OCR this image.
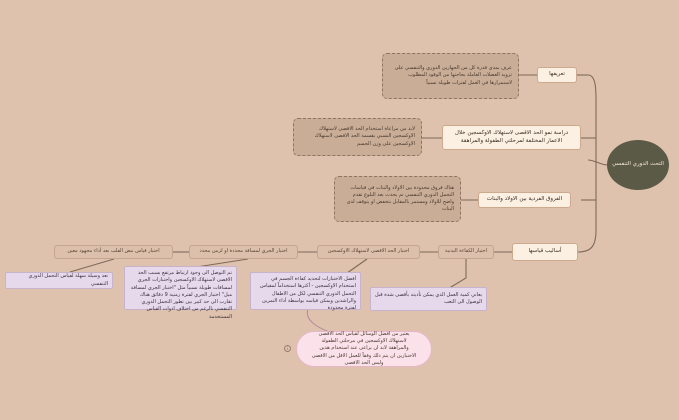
التحث الدوري التنفسي
تعريفها
عرف بمدى قدرة كل من الجهازين الدوري والتنفسي على تزويد العضلات العاملة بحاجتها من الوقود المطلوب لاستمرارها في العمل لفترات طويلة نسبياً
دراسة نمو الحد الاقصى لاستهلاك الاوكسجين خلال الاعمار المختلفة لمرحلتي الطفولة والمراهقة
لابد من مراعاة استخدام الحد الاقصى لاستهلاك الاوكسجين النسبي بقسمة الحد الاقصى لاستهلاك الاوكسجين على وزن الجسم
الفروق الفردية بين الاولاد والبنات
هناك فروق محدودة بين الاولاد والبنات في قياسات التحمل الدوري التنفسي تم يحدث بعد البلوغ تقدم واضح للاولاد ومستمر بالمقابل بتخفض او يتوقف لدى البنات
أساليب قياسها
اختبار الكفاءة البدنية
اختبار الحد الاقصى لاستهلاك الاوكسجين
اختبار الجري لمسافة محددة او لزمن محدد
اختبار قياس نبض القلب بعد أداء مجهود معين
يعاني كمية العمل الذي يمكن تأديته بأقصى شدة قبل الوصول الى التعب
أفضل الاختبارات لتحديد كفاءة الجسم في استخدام الاوكسجين - أكثرها استخداماً لمقياس التحمل الدوري التنفسي لكل من الاطفال والراشدين ويمكن قياسه بواسطة أداء التمرين لفترة محدودة
تم التوصل الى وجود ارتباط مرتفع بسبب الحد الاقصى لاستهلاك الاوكسجين واختبارات الجري لمسافات طويلة نسبياً مثل "اختبار الجري لمسافة ميل" اختبار الجري لفترة زمنية 9 دقائق هناك تقارب الى حد كبير بين تطور التحمل الدوري التنفسي بالرغم من اختلاف ادوات القياس المستخدمة
تعد وسيلة سهلة لقياس التحمل الدوري التنفسي
i
يعتبر من افضل الوسائل لقياس الحد الاقصى لاستهلاك الاوكسجين في مرحلتي الطفولة والمراهقة لابد ان يراعى عند استخدام هذين الاختبارين ان يتم ذلك وفقاً للعمل الاقل من الاقصى وليس الحد الاقصى
